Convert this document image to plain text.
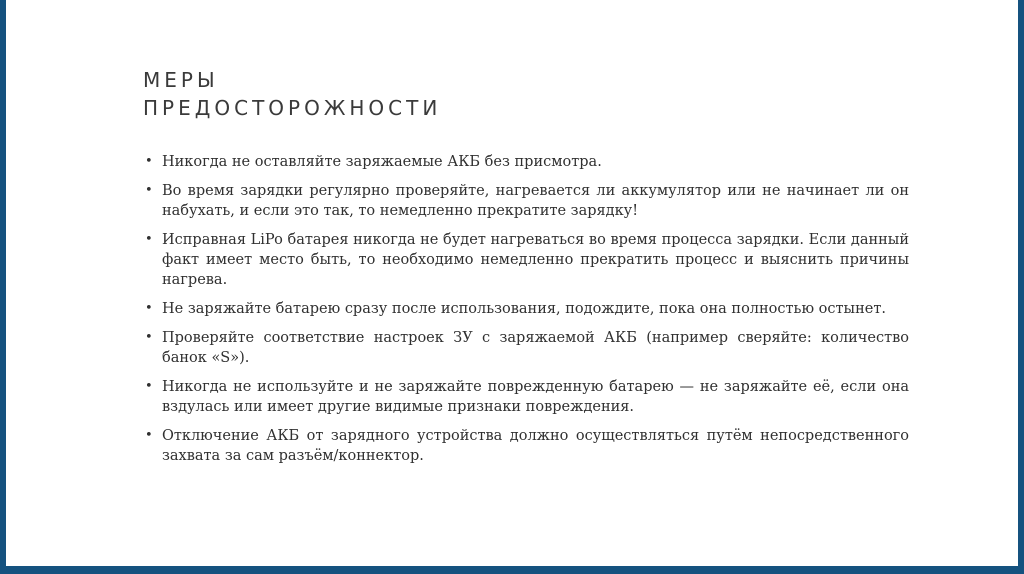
МЕРЫ
ПРЕДОСТОРОЖНОСТИ
• Никогда не оставляйте заряжаемые АКБ без присмотра.
• Во время зарядки регулярно проверяйте, нагревается ли аккумулятор или не начинает ли он набухать, и если это так, то немедленно прекратите зарядку!
• Исправная LiPo батарея никогда не будет нагреваться во время процесса зарядки. Если данный факт имеет место быть, то необходимо немедленно прекратить процесс и выяснить причины нагрева.
• Не заряжайте батарею сразу после использования, подождите, пока она полностью остынет.
• Проверяйте соответствие настроек ЗУ с заряжаемой АКБ (например сверяйте: количество банок «S»).
• Никогда не используйте и не заряжайте поврежденную батарею — не заряжайте её, если она вздулась или имеет другие видимые признаки повреждения.
• Отключение АКБ от зарядного устройства должно осуществляться путём непосредственного захвата за сам разъём/коннектор.
